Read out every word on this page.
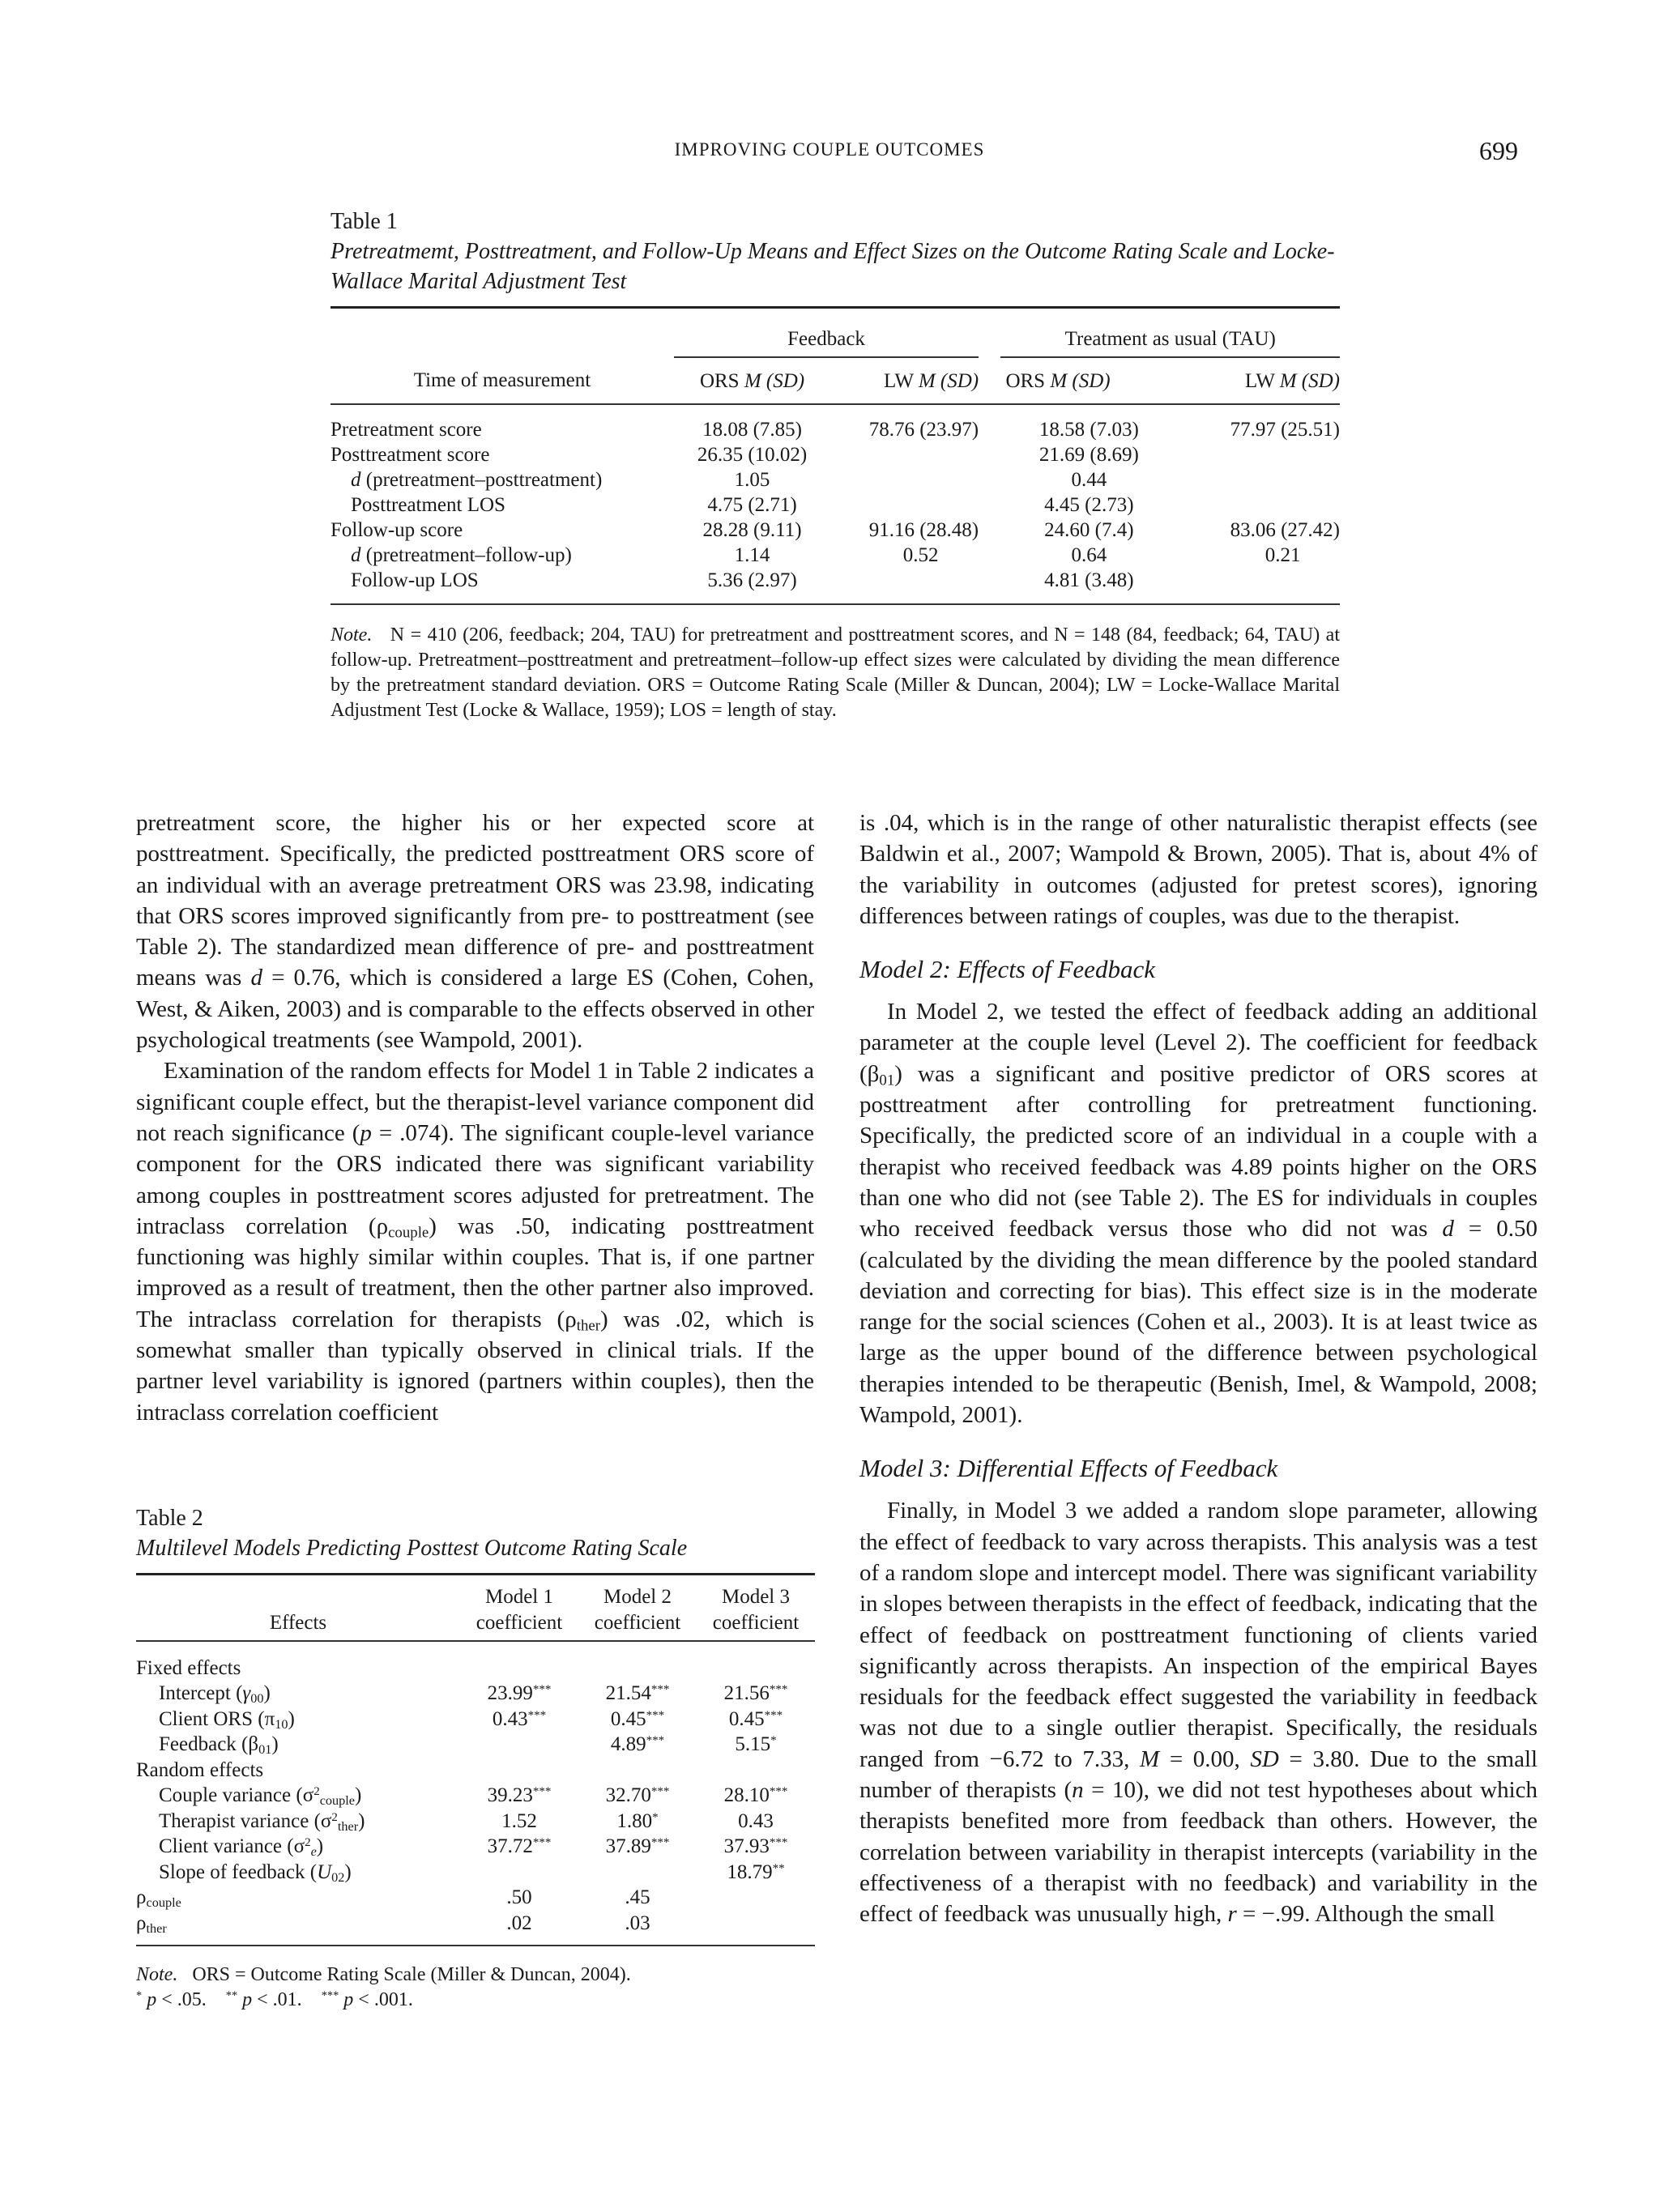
IMPROVING COUPLE OUTCOMES	699
Table 1
Pretreatmemt, Posttreatment, and Follow-Up Means and Effect Sizes on the Outcome Rating Scale and Locke-Wallace Marital Adjustment Test
	Feedback			Treatment as usual (TAU)	
Time of measurement	ORS M (SD)	LW M (SD)		ORS M (SD)	LW M (SD)

Pretreatment score	18.08 (7.85)	78.76 (23.97)		18.58 (7.03)	77.97 (25.51)
Posttreatment score	26.35 (10.02)			21.69 (8.69)	
d (pretreatment–posttreatment)	1.05			0.44	
Posttreatment LOS	4.75 (2.71)			4.45 (2.73)	
Follow-up score	28.28 (9.11)	91.16 (28.48)		24.60 (7.4)	83.06 (27.42)
d (pretreatment–follow-up)	1.14	0.52		0.64	0.21
Follow-up LOS	5.36 (2.97)			4.81 (3.48)	

Note. N = 410 (206, feedback; 204, TAU) for pretreatment and posttreatment scores, and N = 148 (84, feedback; 64, TAU) at follow-up. Pretreatment–posttreatment and pretreatment–follow-up effect sizes were calculated by dividing the mean difference by the pretreatment standard deviation. ORS = Outcome Rating Scale (Miller & Duncan, 2004); LW = Locke-Wallace Marital Adjustment Test (Locke & Wallace, 1959); LOS = length of stay.

pretreatment score, the higher his or her expected score at posttreatment. Specifically, the predicted posttreatment ORS score of an individual with an average pretreatment ORS was 23.98, indicating that ORS scores improved significantly from pre- to posttreatment (see Table 2). The standardized mean difference of pre- and posttreatment means was d = 0.76, which is considered a large ES (Cohen, Cohen, West, & Aiken, 2003) and is comparable to the effects observed in other psychological treatments (see Wampold, 2001).

Examination of the random effects for Model 1 in Table 2 indicates a significant couple effect, but the therapist-level variance component did not reach significance (p = .074). The significant couple-level variance component for the ORS indicated there was significant variability among couples in posttreatment scores adjusted for pretreatment. The intraclass correlation $(\rho_{couple})$ was .50, indicating posttreatment functioning was highly similar within couples. That is, if one partner improved as a result of treatment, then the other partner also improved. The intraclass correlation for therapists $(\rho_{ther})$ was .02, which is somewhat smaller than typically observed in clinical trials. If the partner level variability is ignored (partners within couples), then the intraclass correlation coefficient

is .04, which is in the range of other naturalistic therapist effects (see Baldwin et al., 2007; Wampold & Brown, 2005). That is, about 4% of the variability in outcomes (adjusted for pretest scores), ignoring differences between ratings of couples, was due to the therapist.

Model 2: Effects of Feedback

In Model 2, we tested the effect of feedback adding an additional parameter at the couple level (Level 2). The coefficient for feedback $(\beta_{01})$ was a significant and positive predictor of ORS scores at posttreatment after controlling for pretreatment functioning. Specifically, the predicted score of an individual in a couple with a therapist who received feedback was 4.89 points higher on the ORS than one who did not (see Table 2). The ES for individuals in couples who received feedback versus those who did not was d = 0.50 (calculated by the dividing the mean difference by the pooled standard deviation and correcting for bias). This effect size is in the moderate range for the social sciences (Cohen et al., 2003). It is at least twice as large as the upper bound of the difference between psychological therapies intended to be therapeutic (Benish, Imel, & Wampold, 2008; Wampold, 2001).

Model 3: Differential Effects of Feedback

Finally, in Model 3 we added a random slope parameter, allowing the effect of feedback to vary across therapists. This analysis was a test of a random slope and intercept model. There was significant variability in slopes between therapists in the effect of feedback, indicating that the effect of feedback on posttreatment functioning of clients varied significantly across therapists. An inspection of the empirical Bayes residuals for the feedback effect suggested the variability in feedback was not due to a single outlier therapist. Specifically, the residuals ranged from −6.72 to 7.33, M = 0.00, SD = 3.80. Due to the small number of therapists (n = 10), we did not test hypotheses about which therapists benefited more from feedback than others. However, the correlation between variability in therapist intercepts (variability in the effectiveness of a therapist with no feedback) and variability in the effect of feedback was unusually high, r = −.99. Although the small

Table 2
Multilevel Models Predicting Posttest Outcome Rating Scale
	Model 1	Model 2	Model 3
Effects	coefficient	coefficient	coefficient

Fixed effects			
Intercept $(\gamma_{00})$	23.99***	21.54***	21.56***
Client ORS $(\pi_{10})$	0.43***	0.45***	0.45***
Feedback $(\beta_{01})$		4.89***	5.15*
Random effects			
Couple variance $(\sigma^2_{couple})$	39.23***	32.70***	28.10***
Therapist variance $(\sigma^2_{ther})$	1.52	1.80*	0.43
Client variance $(\sigma^2_e)$	37.72***	37.89***	37.93***
Slope of feedback $(U_{02})$			18.79**
$\rho_{couple}$	.50	.45	
$\rho_{ther}$	.02	.03	

Note. ORS = Outcome Rating Scale (Miller & Duncan, 2004).
* p < .05. ** p < .01. *** p < .001.
